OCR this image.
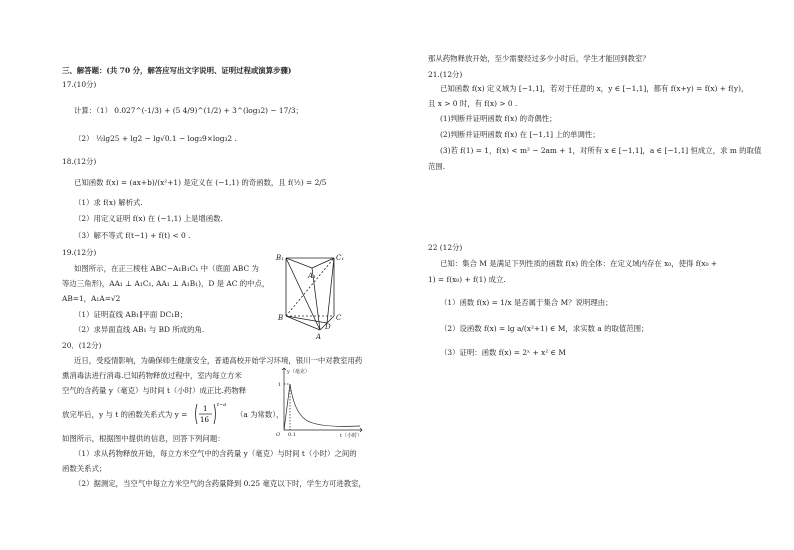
三、解答题：(共 70 分，解答应写出文字说明、证明过程或演算步骤)
17.(10分)
计算：（1） 0.027^(-1/3) + (5 4/9)^(1/2) + 3^(log₃2) − 17/3；
（2） ½lg25 + lg2 − lg√0.1 − log₂9×log₃2 .
18.(12分)
已知函数 f(x) = (ax+b)/(x²+1) 是定义在 (−1,1) 的奇函数，且 f(½) = 2/5
（1）求 f(x) 解析式.
（2）用定义证明 f(x) 在 (−1,1) 上是增函数.
（3）解不等式 f(t−1) + f(t) < 0 .
19.(12分)
如图所示，在正三棱柱 ABC−A₁B₁C₁ 中（底面 ABC 为
等边三角形)，AA₁ ⊥ A₁C₁, AA₁ ⊥ A₁B₁)，D 是 AC 的中点，
AB=1，A₁A=√2
（1）证明直线 AB₁∥平面 DC₁B；
（2）求异面直线 AB₁ 与 BD 所成的角.
20．(12分)
近日，受疫情影响，为确保师生健康安全，普通高校开始学习环境，银川一中对教室用药
熏消毒法进行消毒.已知药物释放过程中，室内每立方米
空气的含药量 y（毫克）与时间 t（小时）成正比.药物释
放完毕后，y 与 t 的函数关系式为 y =
1
16
t−a
（a 为常数），
如图所示，根据图中提供的信息，回答下列问题：
（1）求从药物释放开始，每立方米空气中的含药量 y（毫克）与时间 t（小时）之间的
函数关系式；
（2）据测定，当空气中每立方米空气的含药量降到 0.25 毫克以下时，学生方可进教室，
B₁	C₁
A₁
B	C
D
A
y（毫克）
t（小时）
O 0.1
1
那从药物释放开始，至少需要经过多少小时后，学生才能回到教室？
21.(12分)
已知函数 f(x) 定义域为 [−1,1]，若对于任意的 x，y ∈ [−1,1]，都有 f(x+y) = f(x) + f(y)，
且 x > 0 时，有 f(x) > 0 .
(1)判断并证明函数 f(x) 的奇偶性；
(2)判断并证明函数 f(x) 在 [−1,1] 上的单调性；
(3)若 f(1) = 1，f(x) < m² − 2am + 1，对所有 x ∈ [−1,1]，a ∈ [−1,1] 恒成立，求 m 的取值
范围.
22 (12分)
已知：集合 M 是满足下列性质的函数 f(x) 的全体：在定义域内存在 x₀，使得 f(x₀ +
1) = f(x₀) + f(1) 成立.
（1）函数 f(x) = 1/x 是否属于集合 M？说明理由；
（2）设函数 f(x) = lg a/(x²+1) ∈ M，求实数 a 的取值范围；
（3）证明：函数 f(x) = 2ˣ + x² ∈ M
